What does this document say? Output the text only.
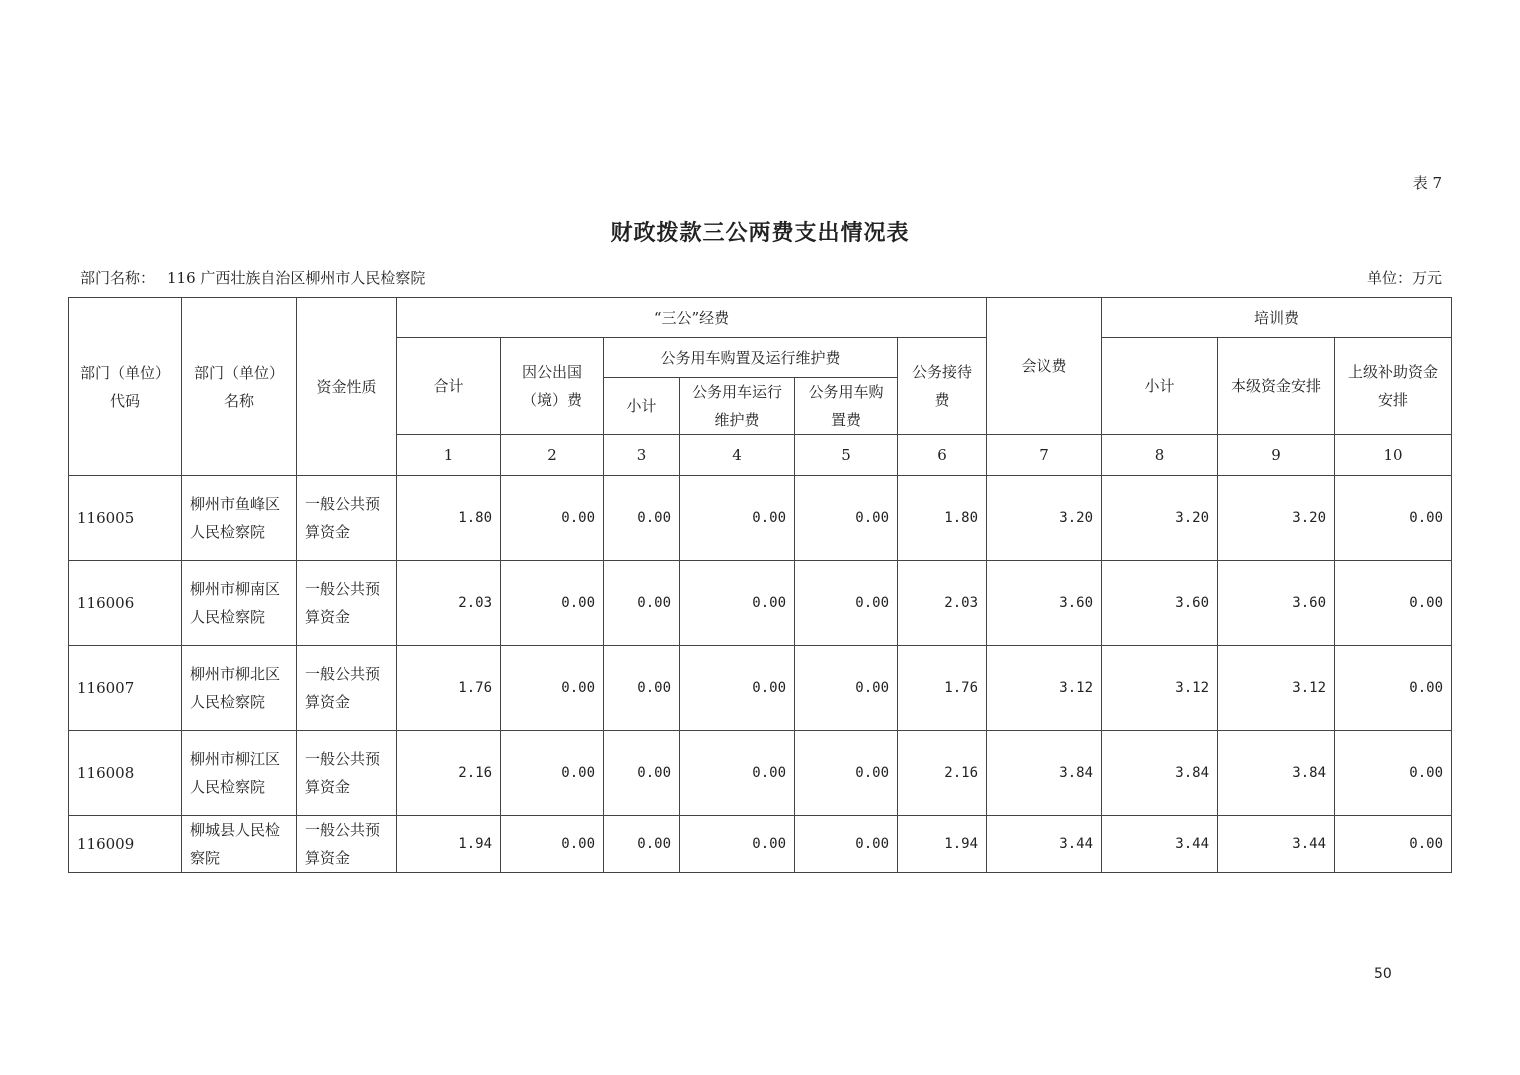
表 7
财政拨款三公两费支出情况表
部门名称： 116 广西壮族自治区柳州市人民检察院	单位：万元
部门（单位）代码	部门（单位）名称	资金性质	“三公”经费						会议费	培训费		
			合计	因公出国（境）费	公务用车购置及运行维护费			公务接待费		小计	本级资金安排	上级补助资金安排
					小计	公务用车运行维护费	公务用车购置费					
			1	2	3	4	5	6	7	8	9	10
116005	柳州市鱼峰区人民检察院	一般公共预算资金	1.80	0.00	0.00	0.00	0.00	1.80	3.20	3.20	3.20	0.00
116006	柳州市柳南区人民检察院	一般公共预算资金	2.03	0.00	0.00	0.00	0.00	2.03	3.60	3.60	3.60	0.00
116007	柳州市柳北区人民检察院	一般公共预算资金	1.76	0.00	0.00	0.00	0.00	1.76	3.12	3.12	3.12	0.00
116008	柳州市柳江区人民检察院	一般公共预算资金	2.16	0.00	0.00	0.00	0.00	2.16	3.84	3.84	3.84	0.00
116009	柳城县人民检察院	一般公共预算资金	1.94	0.00	0.00	0.00	0.00	1.94	3.44	3.44	3.44	0.00
50
